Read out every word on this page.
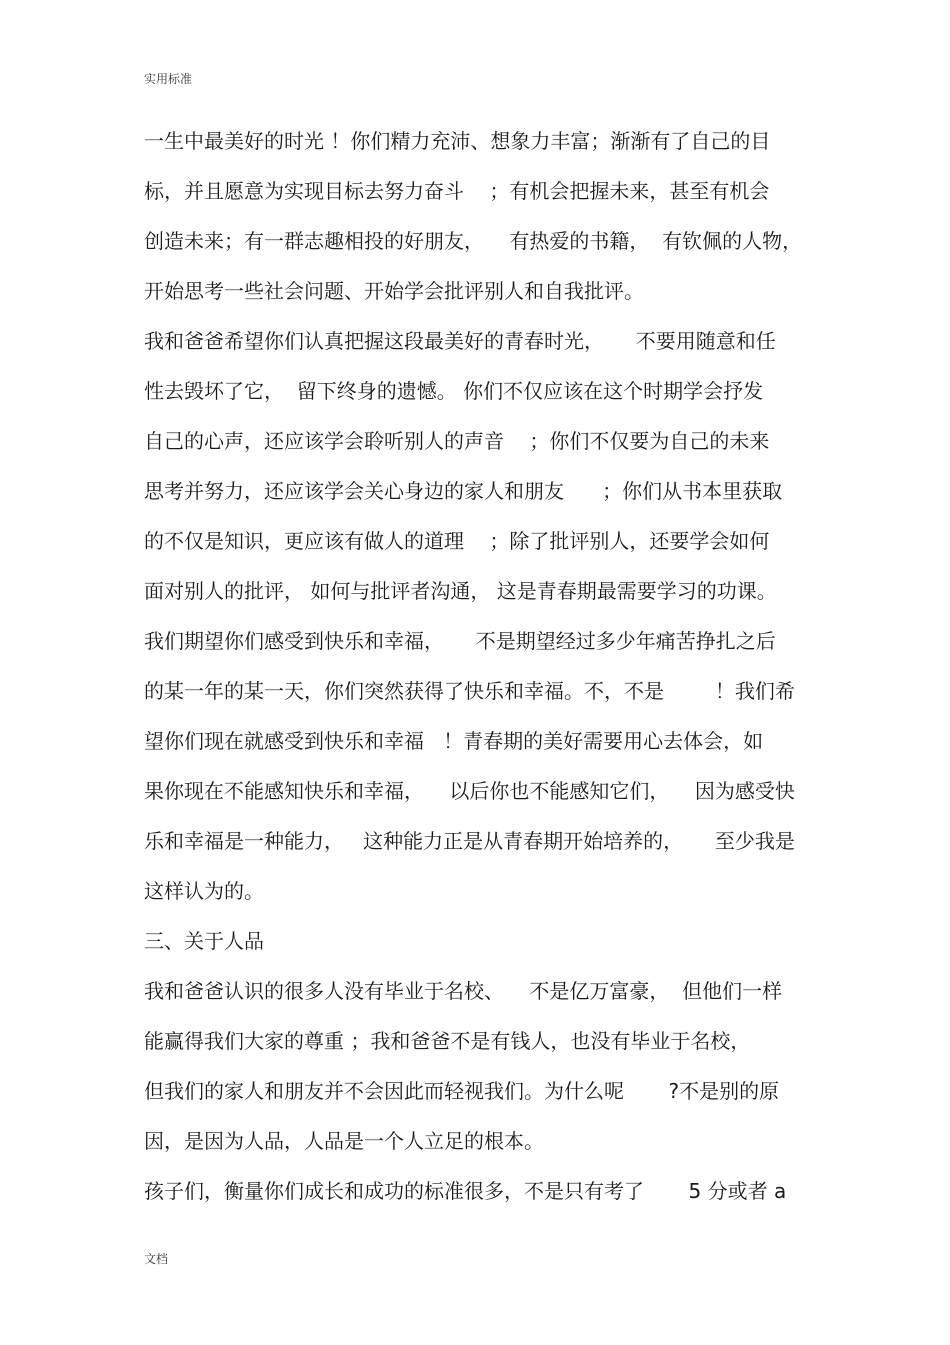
实用标准
一生中最美好的时光 ！你们精力充沛、想象力丰富；渐渐有了自己的目
标，并且愿意为实现目标去努力奋斗    ；有机会把握未来，甚至有机会
创造未来；有一群志趣相投的好朋友，    有热爱的书籍，  有钦佩的人物，
开始思考一些社会问题、开始学会批评别人和自我批评。
我和爸爸希望你们认真把握这段最美好的青春时光，     不要用随意和任
性去毁坏了它，  留下终身的遗憾。 你们不仅应该在这个时期学会抒发
自己的心声，还应该学会聆听别人的声音    ；你们不仅要为自己的未来
思考并努力，还应该学会关心身边的家人和朋友      ；你们从书本里获取
的不仅是知识，更应该有做人的道理    ；除了批评别人，还要学会如何
面对别人的批评， 如何与批评者沟通， 这是青春期最需要学习的功课。
我们期望你们感受到快乐和幸福，     不是期望经过多少年痛苦挣扎之后
的某一年的某一天，你们突然获得了快乐和幸福。不，不是        ！我们希
望你们现在就感受到快乐和幸福   ！青春期的美好需要用心去体会，如
果你现在不能感知快乐和幸福，    以后你也不能感知它们，    因为感受快
乐和幸福是一种能力，   这种能力正是从青春期开始培养的，     至少我是
这样认为的。
三、关于人品
我和爸爸认识的很多人没有毕业于名校、    不是亿万富豪，  但他们一样
能赢得我们大家的尊重 ；我和爸爸不是有钱人，也没有毕业于名校，
但我们的家人和朋友并不会因此而轻视我们。为什么呢       ?不是别的原
因，是因为人品，人品是一个人立足的根本。
孩子们，衡量你们成长和成功的标准很多，不是只有考了       5 分或者 a
文档
